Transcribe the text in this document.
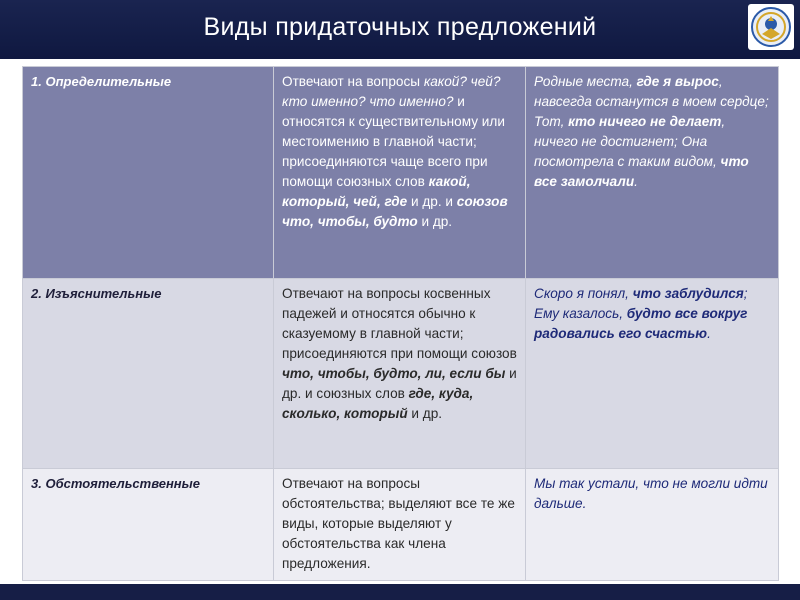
Виды придаточных предложений
1. Определительные	Отвечают на вопросы какой? чей? кто именно? что именно? и относятся к существительному или местоимению в главной части; присоединяются чаще всего при помощи союзных слов какой, который, чей, где и др. и союзов что, чтобы, будто и др.	Родные места, где я вырос, навсегда останутся в моем сердце; Тот, кто ничего не делает, ничего не достигнет; Она посмотрела с таким видом, что все замолчали.
2. Изъяснительные	Отвечают на вопросы косвенных падежей и относятся обычно к сказуемому в главной части; присоединяются при помощи союзов что, чтобы, будто, ли, если бы и др. и союзных слов где, куда, сколько, который и др.	Скоро я понял, что заблудился; Ему казалось, будто все вокруг радовались его счастью.
3. Обстоятельственные	Отвечают на вопросы обстоятельства; выделяют все те же виды, которые выделяют у обстоятельства как члена предложения.	Мы так устали, что не могли идти дальше.
